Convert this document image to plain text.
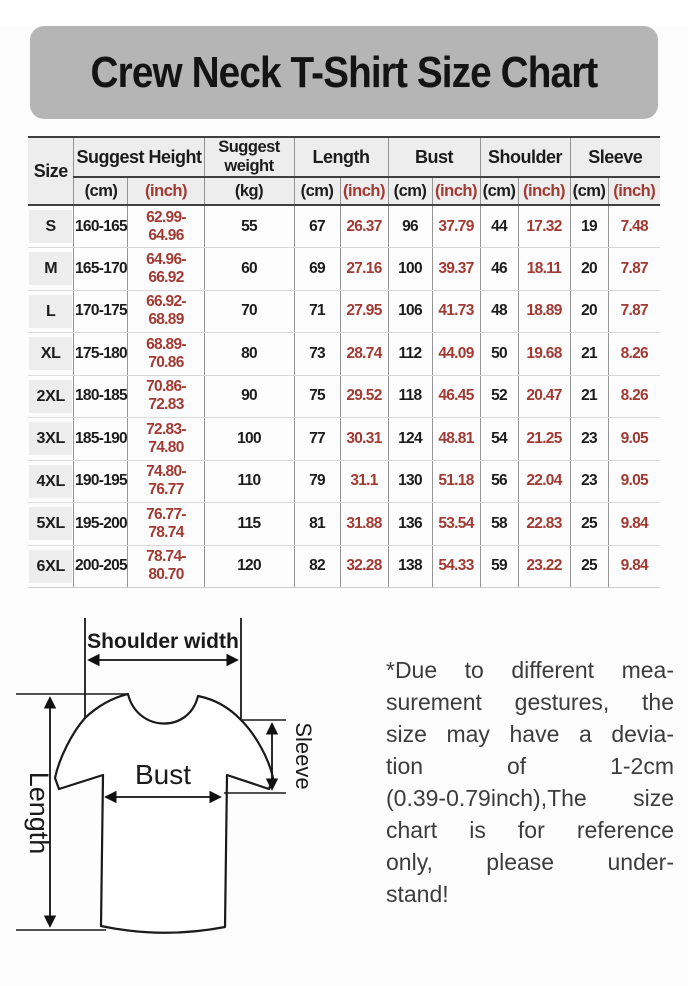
Crew Neck T-Shirt Size Chart
Size	Suggest Height		Suggest weight	Length		Bust		Shoulder		Sleeve	
	(cm)	(inch)	(kg)	(cm)	(inch)	(cm)	(inch)	(cm)	(inch)	(cm)	(inch)

S	160-165	62.99-64.96	55	67	26.37	96	37.79	44	17.32	19	7.48

M	165-170	64.96-66.92	60	69	27.16	100	39.37	46	18.11	20	7.87

L	170-175	66.92-68.89	70	71	27.95	106	41.73	48	18.89	20	7.87

XL	175-180	68.89-70.86	80	73	28.74	112	44.09	50	19.68	21	8.26

2XL	180-185	70.86-72.83	90	75	29.52	118	46.45	52	20.47	21	8.26

3XL	185-190	72.83-74.80	100	77	30.31	124	48.81	54	21.25	23	9.05

4XL	190-195	74.80-76.77	110	79	31.1	130	51.18	56	22.04	23	9.05

5XL	195-200	76.77-78.74	115	81	31.88	136	53.54	58	22.83	25	9.84

6XL	200-205	78.74-80.70	120	82	32.28	138	54.33	59	23.22	25	9.84
Shoulder width
Length	Bust	Sleeve
*Due to different mea-
surement gestures, the
size may have a devia-
tion of 1-2cm
(0.39-0.79inch),The size
chart is for reference
only, please under-
stand!
